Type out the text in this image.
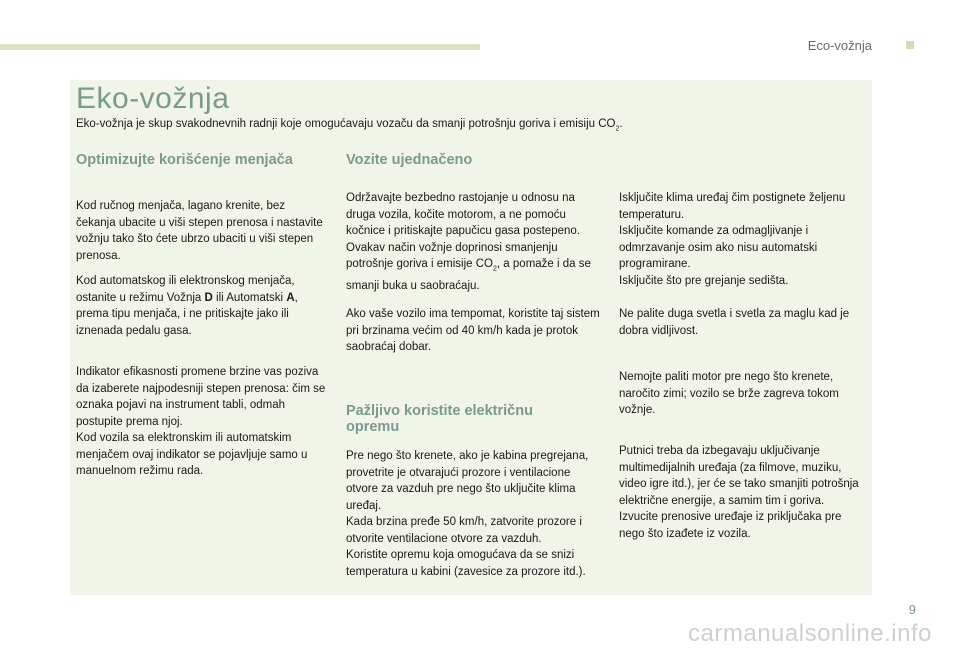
Eco-vožnja
Eko-vožnja

Eko-vožnja je skup svakodnevnih radnji koje omogućavaju vozaču da smanji potrošnju goriva i emisiju $CO_2$.

Optimizujte korišćenje menjača

Kod ručnog menjača, lagano krenite, bez čekanja ubacite u viši stepen prenosa i nastavite vožnju tako što ćete ubrzo ubaciti u viši stepen prenosa.

Kod automatskog ili elektronskog menjača, ostanite u režimu Vožnja D ili Automatski A, prema tipu menjača, i ne pritiskajte jako ili iznenada pedalu gasa.

Indikator efikasnosti promene brzine vas poziva da izaberete najpodesniji stepen prenosa: čim se oznaka pojavi na instrument tabli, odmah postupite prema njoj.
Kod vozila sa elektronskim ili automatskim menjačem ovaj indikator se pojavljuje samo u manuelnom režimu rada.

Vozite ujednačeno

Održavajte bezbedno rastojanje u odnosu na druga vozila, kočite motorom, a ne pomoću kočnice i pritiskajte papučicu gasa postepeno. Ovakav način vožnje doprinosi smanjenju potrošnje goriva i emisije $CO_2$, a pomaže i da se smanji buka u saobraćaju.

Ako vaše vozilo ima tempomat, koristite taj sistem pri brzinama većim od 40 km/h kada je protok saobraćaj dobar.

Pažljivo koristite električnu
opremu

Pre nego što krenete, ako je kabina pregrejana, provetrite je otvarajući prozore i ventilacione otvore za vazduh pre nego što uključite klima uređaj.
Kada brzina pređe 50 km/h, zatvorite prozore i otvorite ventilacione otvore za vazduh.
Koristite opremu koja omogućava da se snizi temperatura u kabini (zavesice za prozore itd.).

Isključite klima uređaj čim postignete željenu temperaturu.
Isključite komande za odmagljivanje i odmrzavanje osim ako nisu automatski programirane.
Isključite što pre grejanje sedišta.

Ne palite duga svetla i svetla za maglu kad je dobra vidljivost.

Nemojte paliti motor pre nego što krenete, naročito zimi; vozilo se brže zagreva tokom vožnje.

Putnici treba da izbegavaju uključivanje multimedijalnih uređaja (za filmove, muziku, video igre itd.), jer će se tako smanjiti potrošnja električne energije, a samim tim i goriva.
Izvucite prenosive uređaje iz priključaka pre nego što izađete iz vozila.

9
carmanualsonline.info
